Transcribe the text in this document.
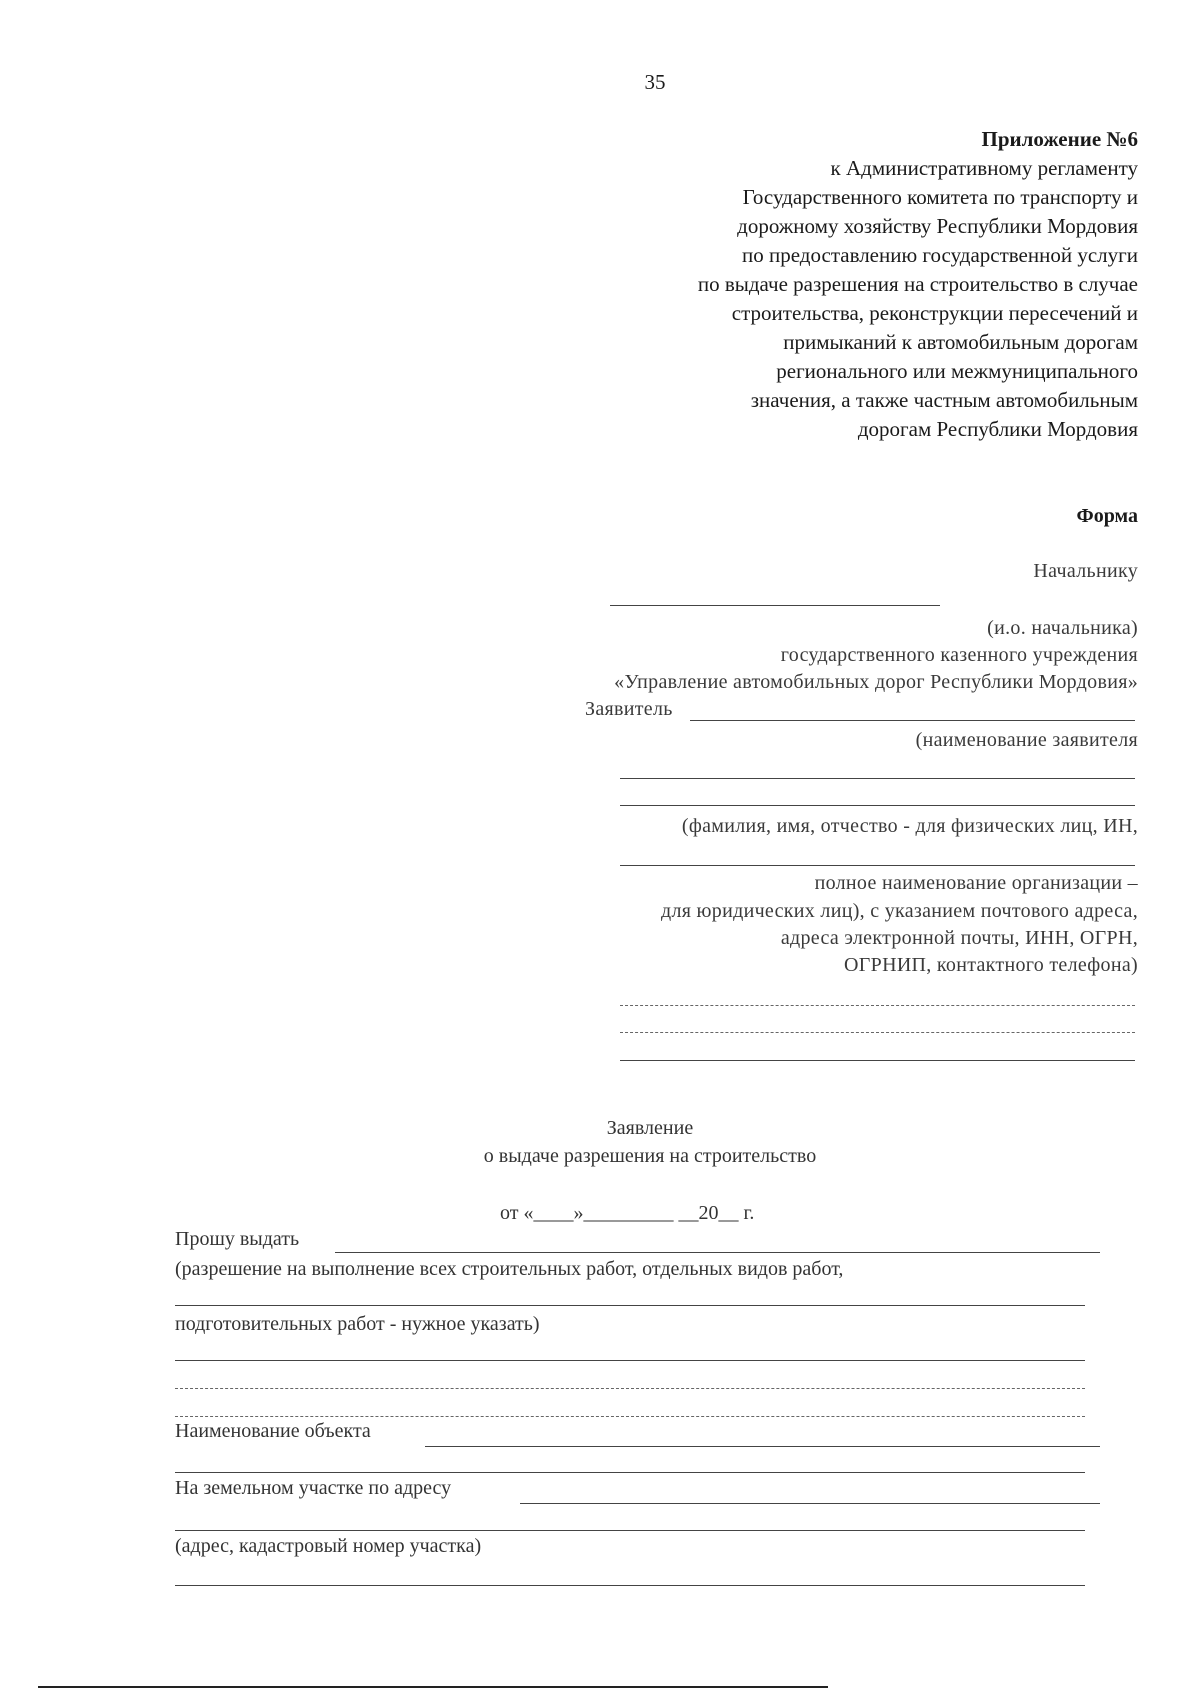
35
Приложение №6
к Административному регламенту
Государственного комитета по транспорту и
дорожному хозяйству Республики Мордовия
по предоставлению государственной услуги
по выдаче разрешения на строительство в случае
строительства, реконструкции пересечений и
примыканий к автомобильным дорогам
регионального или межмуниципального
значения, а также частным автомобильным
дорогам Республики Мордовия
Форма
Начальнику
(и.о. начальника)
государственного казенного учреждения
«Управление автомобильных дорог Республики Мордовия»
Заявитель
(наименование заявителя
(фамилия, имя, отчество - для физических лиц, ИН,
полное наименование организации –
для юридических лиц), с указанием почтового адреса,
адреса электронной почты, ИНН, ОГРН,
ОГРНИП, контактного телефона)
Заявление
о выдаче разрешения на строительство
от «____»_________ __20__ г.
Прошу выдать
(разрешение на выполнение всех строительных работ, отдельных видов работ,
подготовительных работ - нужное указать)
Наименование объекта
На земельном участке по адресу
(адрес, кадастровый номер участка)
